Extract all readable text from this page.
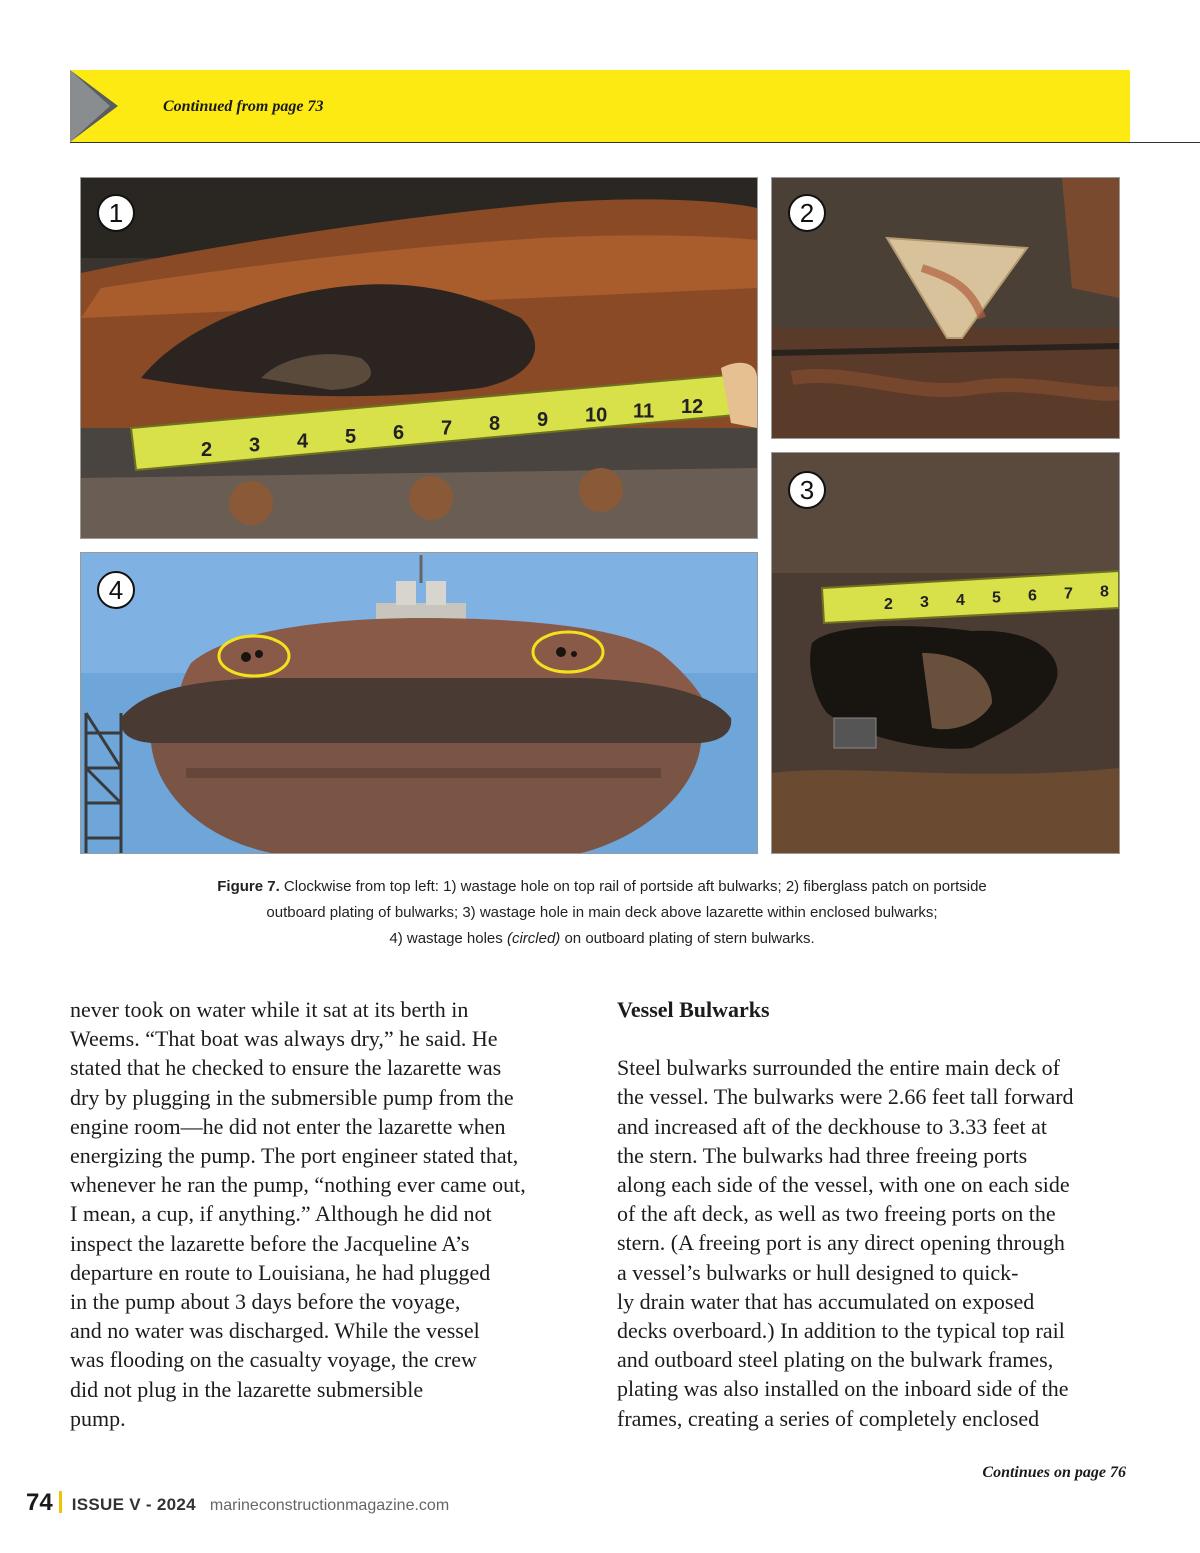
Continued from page 73
2 3 4 5 6 7 8 9 10 11 12
1	2
2 3 4 5 6 7 8
3
4
Figure 7. Clockwise from top left: 1) wastage hole on top rail of portside aft bulwarks; 2) fiberglass patch on portside
outboard plating of bulwarks; 3) wastage hole in main deck above lazarette within enclosed bulwarks;
4) wastage holes (circled) on outboard plating of stern bulwarks.
never took on water while it sat at its berth in
Weems. “That boat was always dry,” he said. He
stated that he checked to ensure the lazarette was
dry by plugging in the submersible pump from the
engine room—he did not enter the lazarette when
energizing the pump. The port engineer stated that,
whenever he ran the pump, “nothing ever came out,
I mean, a cup, if anything.” Although he did not
inspect the lazarette before the Jacqueline A’s
departure en route to Louisiana, he had plugged
in the pump about 3 days before the voyage,
and no water was discharged. While the vessel
was flooding on the casualty voyage, the crew
did not plug in the lazarette submersible
pump.
Vessel Bulwarks
Steel bulwarks surrounded the entire main deck of
the vessel. The bulwarks were 2.66 feet tall forward
and increased aft of the deckhouse to 3.33 feet at
the stern. The bulwarks had three freeing ports
along each side of the vessel, with one on each side
of the aft deck, as well as two freeing ports on the
stern. (A freeing port is any direct opening through
a vessel’s bulwarks or hull designed to quick-
ly drain water that has accumulated on exposed
decks overboard.) In addition to the typical top rail
and outboard steel plating on the bulwark frames,
plating was also installed on the inboard side of the
frames, creating a series of completely enclosed
Continues on page 76
74 ISSUE V - 2024 marineconstructionmagazine.com
